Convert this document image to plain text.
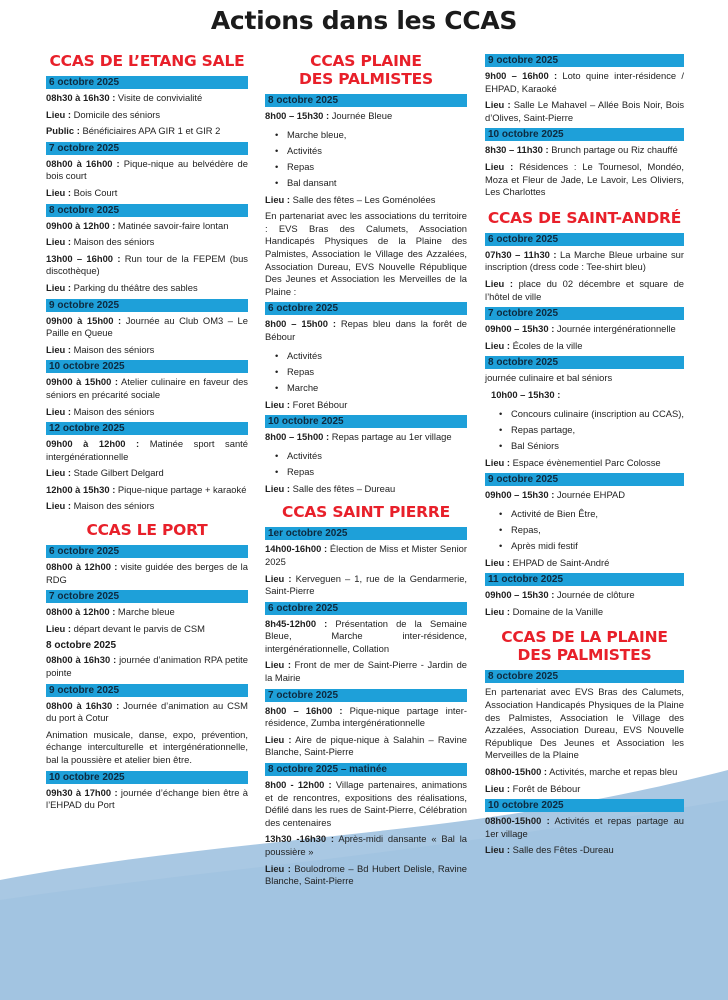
Actions dans les CCAS
CCAS DE L’ETANG SALE
6 octobre 2025

08h30 à 16h30 : Visite de convivialité

Lieu : Domicile des séniors

Public : Bénéficiaires APA GIR 1 et GIR 2

7 octobre 2025

08h00 à 16h00 : Pique-nique au belvédère de bois court

Lieu : Bois Court

8 octobre 2025

09h00 à 12h00 : Matinée savoir-faire lontan

Lieu : Maison des séniors

13h00 – 16h00 : Run tour de la FEPEM (bus discothèque)

Lieu : Parking du théâtre des sables

9 octobre 2025

09h00 à 15h00 : Journée au Club OM3 – Le Paille en Queue

Lieu : Maison des séniors

10 octobre 2025

09h00 à 15h00 : Atelier culinaire en faveur des séniors en précarité sociale

Lieu : Maison des séniors

12 octobre 2025

09h00 à 12h00 : Matinée sport santé intergénérationnelle

Lieu : Stade Gilbert Delgard

12h00 à 15h30 : Pique-nique partage + karaoké

Lieu : Maison des séniors

CCAS LE PORT
6 octobre 2025

08h00 à 12h00 : visite guidée des berges de la RDG

7 octobre 2025

08h00 à 12h00 : Marche bleue

Lieu : départ devant le parvis de CSM

8 octobre 2025

08h00 à 16h30 : journée d’animation RPA petite pointe

9 octobre 2025

08h00 à 16h30 : Journée d’animation au CSM du port à Cotur

Animation musicale, danse, expo, prévention, échange interculturelle et intergénérationnelle, bal la poussière et atelier bien être.

10 octobre 2025

09h30 à 17h00 : journée d’échange bien être à l’EHPAD du Port

CCAS PLAINE
DES PALMISTES
8 octobre 2025

8h00 – 15h30 : Journée Bleue

• Marche bleue,
• Activités
• Repas
• Bal dansant

Lieu : Salle des fêtes – Les Goménolées

En partenariat avec les associations du territoire : EVS Bras des Calumets, Association Handicapés Physiques de la Plaine des Palmistes, Association le Village des Azzalées, Association Dureau, EVS Nouvelle République Des Jeunes et Association les Merveilles de la Plaine :

6 octobre 2025

8h00 – 15h00 : Repas bleu dans la forêt de Bébour

• Activités
• Repas
• Marche

Lieu : Foret Bébour

10 octobre 2025

8h00 – 15h00 : Repas partage au 1er village

• Activités
• Repas

Lieu : Salle des fêtes – Dureau

CCAS SAINT PIERRE
1er octobre 2025

14h00-16h00 : Élection de Miss et Mister Senior 2025

Lieu : Kerveguen – 1, rue de la Gendarmerie, Saint-Pierre

6 octobre 2025

8h45-12h00 : Présentation de la Semaine Bleue, Marche inter-résidence, intergénérationnelle, Collation

Lieu : Front de mer de Saint-Pierre - Jardin de la Mairie

7 octobre 2025

8h00 – 16h00 : Pique-nique partage inter-résidence, Zumba intergénérationnelle

Lieu : Aire de pique-nique à Salahin – Ravine Blanche, Saint-Pierre

8 octobre 2025 – matinée

8h00 - 12h00 : Village partenaires, animations et de rencontres, expositions des réalisations, Défilé dans les rues de Saint-Pierre, Célébration des centenaires

13h30 -16h30 : Après-midi dansante « Bal la poussière »

Lieu : Boulodrome – Bd Hubert Delisle, Ravine Blanche, Saint-Pierre

9 octobre 2025

9h00 – 16h00 : Loto quine inter-résidence / EHPAD, Karaoké

Lieu : Salle Le Mahavel – Allée Bois Noir, Bois d’Olives, Saint-Pierre

10 octobre 2025

8h30 – 11h30 : Brunch partage ou Riz chauffé

Lieu : Résidences : Le Tournesol, Mondéo, Moza et Fleur de Jade, Le Lavoir, Les Oliviers, Les Charlottes

CCAS DE SAINT-ANDRÉ
6 octobre 2025

07h30 – 11h30 : La Marche Bleue urbaine sur inscription (dress code : Tee-shirt bleu)

Lieu : place du 02 décembre et square de l’hôtel de ville

7 octobre 2025

09h00 – 15h30 : Journée intergénérationnelle

Lieu : Écoles de la ville

8 octobre 2025

journée culinaire et bal séniors

10h00 – 15h30 :

• Concours culinaire (inscription au CCAS),
• Repas partage,
• Bal Séniors

Lieu : Espace évènementiel Parc Colosse

9 octobre 2025

09h00 – 15h30 : Journée EHPAD

• Activité de Bien Être,
• Repas,
• Après midi festif

Lieu : EHPAD de Saint-André

11 octobre 2025

09h00 – 15h30 : Journée de clôture

Lieu : Domaine de la Vanille

CCAS DE LA PLAINE
DES PALMISTES
8 octobre 2025

En partenariat avec EVS Bras des Calumets, Association Handicapés Physiques de la Plaine des Palmistes, Association le Village des Azzalées, Association Dureau, EVS Nouvelle République Des Jeunes et Association les Merveilles de la Plaine

08h00-15h00 : Activités, marche et repas bleu

Lieu : Forêt de Bébour

10 octobre 2025

08h00-15h00 : Activités et repas partage au 1er village

Lieu : Salle des Fêtes -Dureau
